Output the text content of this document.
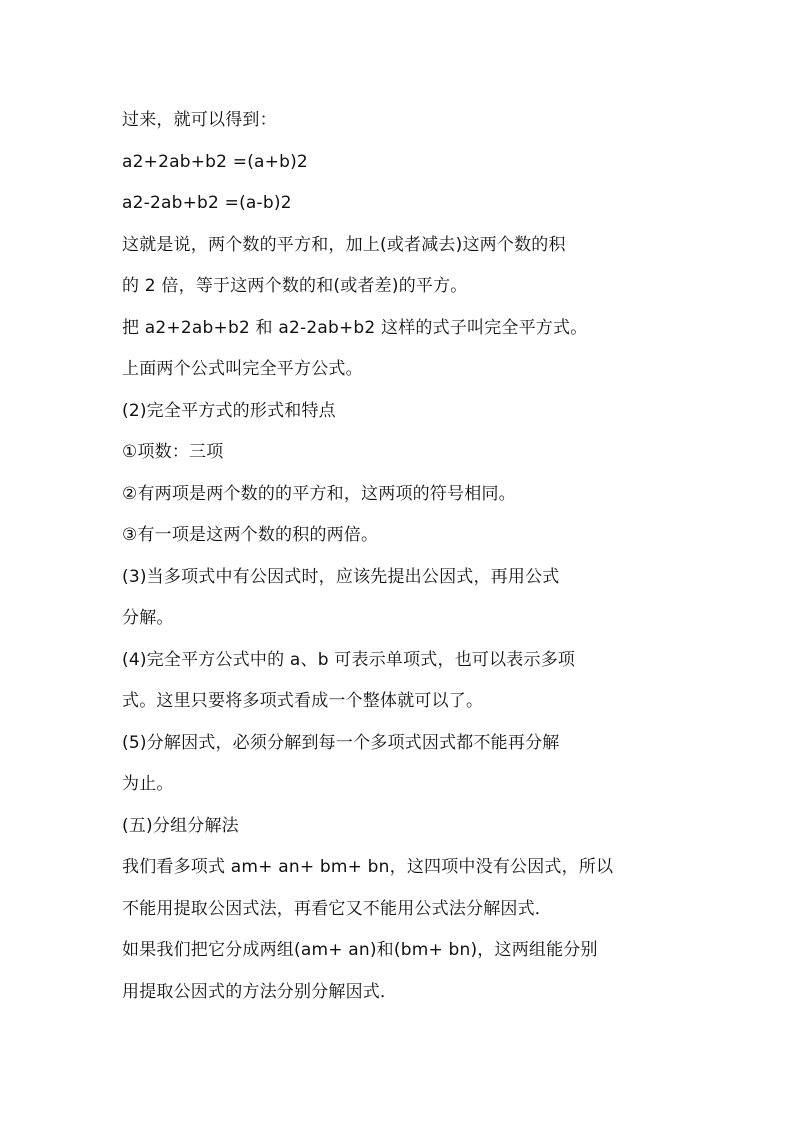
过来，就可以得到：
a2+2ab+b2 =(a+b)2
a2-2ab+b2 =(a-b)2
这就是说，两个数的平方和，加上(或者减去)这两个数的积
的 2 倍，等于这两个数的和(或者差)的平方。
把 a2+2ab+b2 和 a2-2ab+b2 这样的式子叫完全平方式。
上面两个公式叫完全平方公式。
(2)完全平方式的形式和特点
①项数：三项
②有两项是两个数的的平方和，这两项的符号相同。
③有一项是这两个数的积的两倍。
(3)当多项式中有公因式时，应该先提出公因式，再用公式
分解。
(4)完全平方公式中的 a、b 可表示单项式，也可以表示多项
式。这里只要将多项式看成一个整体就可以了。
(5)分解因式，必须分解到每一个多项式因式都不能再分解
为止。
(五)分组分解法
我们看多项式 am+ an+ bm+ bn，这四项中没有公因式，所以
不能用提取公因式法，再看它又不能用公式法分解因式．
如果我们把它分成两组(am+ an)和(bm+ bn)，这两组能分别
用提取公因式的方法分别分解因式．
